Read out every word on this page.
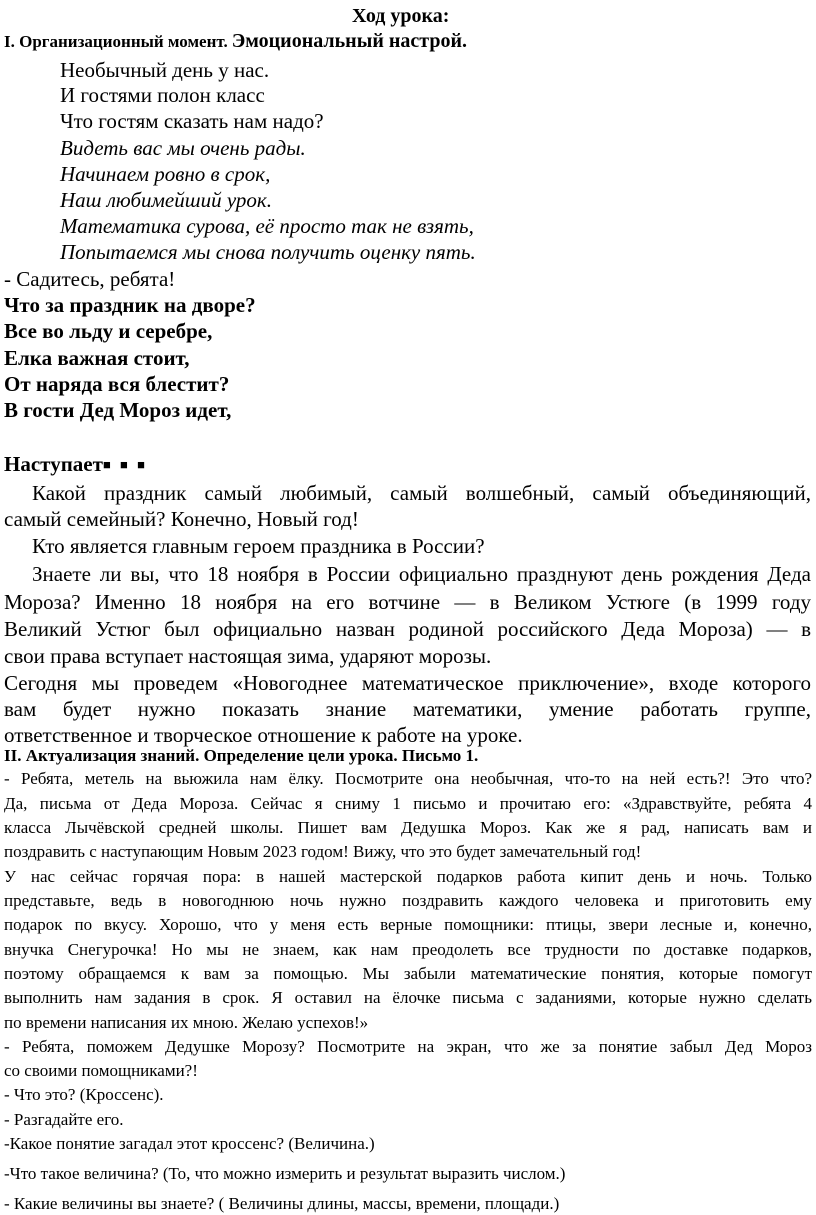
Ход урока:
I. Организационный момент. Эмоциональный настрой.
Необычный день у нас.
И гостями полон класс
Что гостям сказать нам надо?
Видеть вас мы очень рады.
Начинаем ровно в срок,
Наш любимейший урок.
Математика сурова, её просто так не взять,
Попытаемся мы снова получить оценку пять.
- Садитесь, ребята!
Что за праздник на дворе?
Все во льду и серебре,
Елка важная стоит,
От наряда вся блестит?
В гости Дед Мороз идет,
Наступает■ ■ ■
Какой праздник самый любимый, самый волшебный, самый объединяющий,
самый семейный? Конечно, Новый год!
Кто является главным героем праздника в России?
Знаете ли вы, что 18 ноября в России официально празднуют день рождения Деда
Мороза? Именно 18 ноября на его вотчине — в Великом Устюге (в 1999 году
Великий Устюг был официально назван родиной российского Деда Мороза) — в
свои права вступает настоящая зима, ударяют морозы.
Сегодня мы проведем «Новогоднее математическое приключение», входе которого
вам будет нужно показать знание математики, умение работать группе,
ответственное и творческое отношение к работе на уроке.
II. Актуализация знаний. Определение цели урока. Письмо 1.
- Ребята, метель на вьюжила нам ёлку. Посмотрите она необычная, что-то на ней есть?! Это что?
Да, письма от Деда Мороза. Сейчас я сниму 1 письмо и прочитаю его: «Здравствуйте, ребята 4
класса Лычёвской средней школы. Пишет вам Дедушка Мороз. Как же я рад, написать вам и
поздравить с наступающим Новым 2023 годом! Вижу, что это будет замечательный год!
У нас сейчас горячая пора: в нашей мастерской подарков работа кипит день и ночь. Только
представьте, ведь в новогоднюю ночь нужно поздравить каждого человека и приготовить ему
подарок по вкусу. Хорошо, что у меня есть верные помощники: птицы, звери лесные и, конечно,
внучка Снегурочка! Но мы не знаем, как нам преодолеть все трудности по доставке подарков,
поэтому обращаемся к вам за помощью. Мы забыли математические понятия, которые помогут
выполнить нам задания в срок. Я оставил на ёлочке письма с заданиями, которые нужно сделать
по времени написания их мною. Желаю успехов!»
- Ребята, поможем Дедушке Морозу? Посмотрите на экран, что же за понятие забыл Дед Мороз
со своими помощниками?!
- Что это? (Кроссенс).
- Разгадайте его.
-Какое понятие загадал этот кроссенс? (Величина.)
-Что такое величина? (То, что можно измерить и результат выразить числом.)
- Какие величины вы знаете? ( Величины длины, массы, времени, площади.)
